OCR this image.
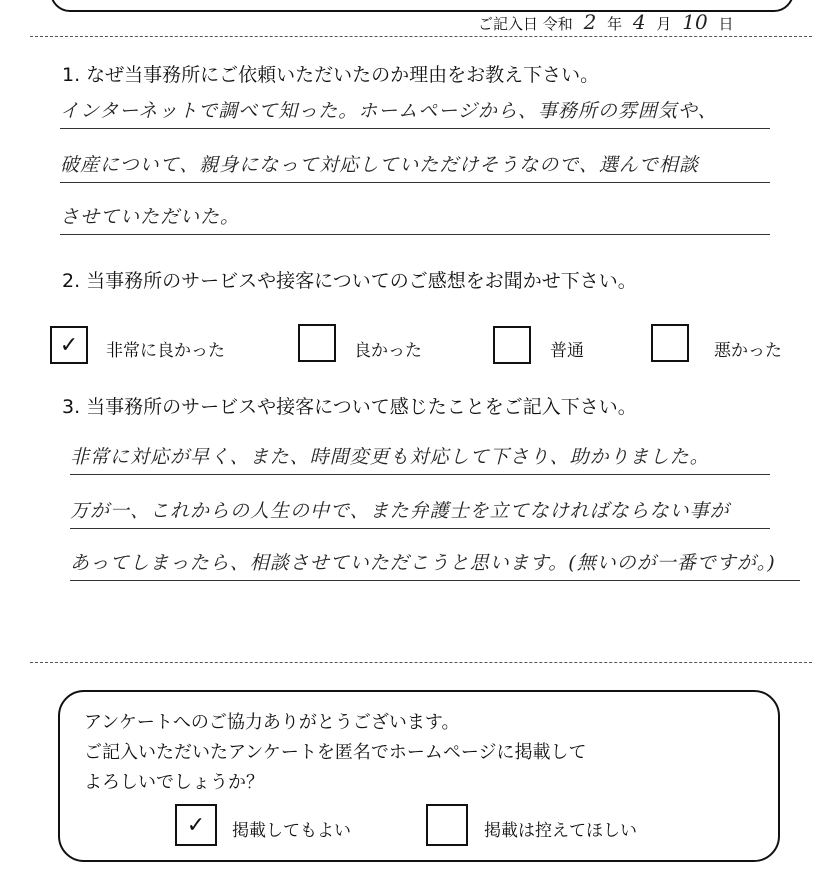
ご記入日 令和 2 年 4 月 10 日
1. なぜ当事務所にご依頼いただいたのか理由をお教え下さい。
インターネットで調べて知った。ホームページから、事務所の雰囲気や、
破産について、親身になって対応していただけそうなので、選んで相談
させていただいた。
2. 当事務所のサービスや接客についてのご感想をお聞かせ下さい。
✓ 非常に良かった	良かった	普通	悪かった
3. 当事務所のサービスや接客について感じたことをご記入下さい。
非常に対応が早く、また、時間変更も対応して下さり、助かりました。
万が一、これからの人生の中で、また弁護士を立てなければならない事が
あってしまったら、相談させていただこうと思います。(無いのが一番ですが。)
アンケートへのご協力ありがとうございます。
ご記入いただいたアンケートを匿名でホームページに掲載して
よろしいでしょうか？
✓ 掲載してもよい	掲載は控えてほしい
